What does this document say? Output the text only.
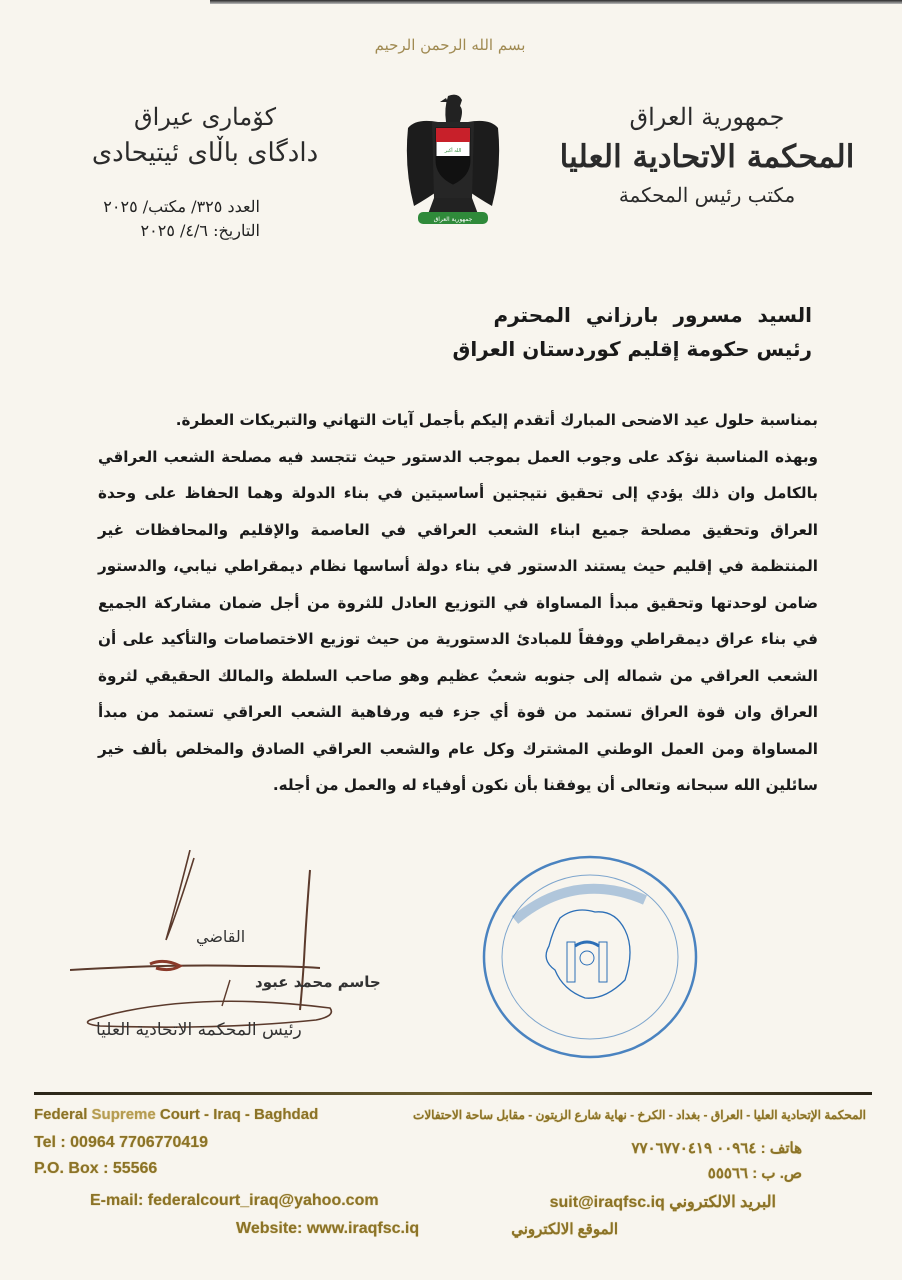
بسم الله الرحمن الرحيم
جمهورية العراق
المحكمة الاتحادية العليا
مكتب رئيس المحكمة
کۆماری عیراق
دادگای باڵای ئیتیحادی
العدد ٣٢٥/ مكتب/ ٢٠٢٥
التاريخ: ٤/٦/ ٢٠٢٥
الله أكبر
جمهورية العراق
السيد مسرور بارزاني المحترم
رئيس حكومة إقليم كوردستان العراق

بمناسبة حلول عيد الاضحى المبارك أتقدم إليكم بأجمل آيات التهاني والتبريكات العطرة.

وبهذه المناسبة نؤكد على وجوب العمل بموجب الدستور حيث تتجسد فيه مصلحة الشعب العراقي بالكامل وان ذلك يؤدي إلى تحقيق نتيجتين أساسيتين في بناء الدولة وهما الحفاظ على وحدة العراق وتحقيق مصلحة جميع ابناء الشعب العراقي في العاصمة والإقليم والمحافظات غير المنتظمة في إقليم حيث يستند الدستور في بناء دولة أساسها نظام ديمقراطي نيابي، والدستور ضامن لوحدتها وتحقيق مبدأ المساواة في التوزيع العادل للثروة من أجل ضمان مشاركة الجميع في بناء عراق ديمقراطي ووفقاً للمبادئ الدستورية من حيث توزيع الاختصاصات والتأكيد على أن الشعب العراقي من شماله إلى جنوبه شعبٌ عظيم وهو صاحب السلطة والمالك الحقيقي لثروة العراق وان قوة العراق تستمد من قوة أي جزء فيه ورفاهية الشعب العراقي تستمد من مبدأ المساواة ومن العمل الوطني المشترك وكل عام والشعب العراقي الصادق والمخلص بألف خير سائلين الله سبحانه وتعالى أن يوفقنا بأن نكون أوفياء له والعمل من أجله.

القاضي
جاسم محمد عبود
رئيس المحكمة الاتحادية العليا
Federal Supreme Court - Iraq - Baghdad
Tel : 00964 7706770419
P.O. Box : 55566
E-mail: federalcourt_iraq@yahoo.com
Website: www.iraqfsc.iq
المحكمة الإتحادية العليا - العراق - بغداد - الكرخ - نهاية شارع الزيتون - مقابل ساحة الاحتفالات
هاتف : ٠٠٩٦٤ ٧٧٠٦٧٧٠٤١٩
ص. ب : ٥٥٥٦٦
البريد الالكتروني suit@iraqfsc.iq
الموقع الالكتروني
